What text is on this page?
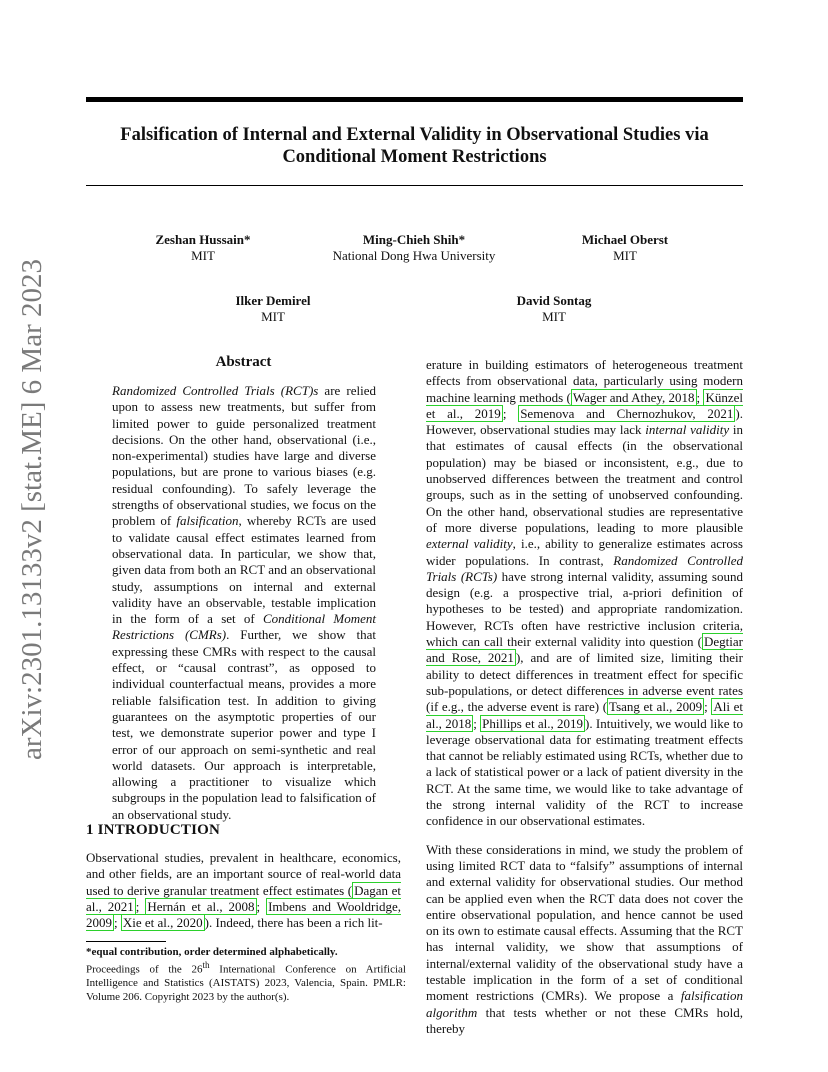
Falsification of Internal and External Validity in Observational Studies via Conditional Moment Restrictions
Zeshan Hussain*
MIT
Ming-Chieh Shih*
National Dong Hwa University
Michael Oberst
MIT
Ilker Demirel
MIT
David Sontag
MIT
arXiv:2301.13133v2 [stat.ME] 6 Mar 2023	Abstract

Randomized Controlled Trials (RCT)s are relied upon to assess new treatments, but suffer from limited power to guide personalized treatment decisions. On the other hand, observational (i.e., non-experimental) studies have large and diverse populations, but are prone to various biases (e.g. residual confounding). To safely leverage the strengths of observational studies, we focus on the problem of falsification, whereby RCTs are used to validate causal effect estimates learned from observational data. In particular, we show that, given data from both an RCT and an observational study, assumptions on internal and external validity have an observable, testable implication in the form of a set of Conditional Moment Restrictions (CMRs). Further, we show that expressing these CMRs with respect to the causal effect, or “causal contrast”, as opposed to individual counterfactual means, provides a more reliable falsification test. In addition to giving guarantees on the asymptotic properties of our test, we demonstrate superior power and type I error of our approach on semi-synthetic and real world datasets. Our approach is interpretable, allowing a practitioner to visualize which subgroups in the population lead to falsification of an observational study.

1 INTRODUCTION

Observational studies, prevalent in healthcare, economics, and other fields, are an important source of real-world data used to derive granular treatment effect estimates ( Dagan et al., 2021 ; Hernán et al., 2008 ; Imbens and Wooldridge, 2009 ; Xie et al., 2020 ). Indeed, there has been a rich lit-

erature in building estimators of heterogeneous treatment effects from observational data, particularly using modern machine learning methods ( Wager and Athey, 2018 ; Künzel et al., 2019 ; Semenova and Chernozhukov, 2021 ). However, observational studies may lack internal validity in that estimates of causal effects (in the observational population) may be biased or inconsistent, e.g., due to unobserved differences between the treatment and control groups, such as in the setting of unobserved confounding. On the other hand, observational studies are representative of more diverse populations, leading to more plausible external validity, i.e., ability to generalize estimates across wider populations. In contrast, Randomized Controlled Trials (RCTs) have strong internal validity, assuming sound design (e.g. a prospective trial, a-priori definition of hypotheses to be tested) and appropriate randomization. However, RCTs often have restrictive inclusion criteria, which can call their external validity into question ( Degtiar and Rose, 2021 ), and are of limited size, limiting their ability to detect differences in treatment effect for specific sub-populations, or detect differences in adverse event rates (if e.g., the adverse event is rare) ( Tsang et al., 2009 ; Ali et al., 2018 ; Phillips et al., 2019 ). Intuitively, we would like to leverage observational data for estimating treatment effects that cannot be reliably estimated using RCTs, whether due to a lack of statistical power or a lack of patient diversity in the RCT. At the same time, we would like to take advantage of the strong internal validity of the RCT to increase confidence in our observational estimates.

With these considerations in mind, we study the problem of using limited RCT data to “falsify” assumptions of internal and external validity for observational studies. Our method can be applied even when the RCT data does not cover the entire observational population, and hence cannot be used on its own to estimate causal effects. Assuming that the RCT has internal validity, we show that assumptions of internal/external validity of the observational study have a testable implication in the form of a set of conditional moment restrictions (CMRs). We propose a falsification algorithm that tests whether or not these CMRs hold, thereby

*equal contribution, order determined alphabetically.
Proceedings of the 26th International Conference on Artificial Intelligence and Statistics (AISTATS) 2023, Valencia, Spain. PMLR: Volume 206. Copyright 2023 by the author(s).
